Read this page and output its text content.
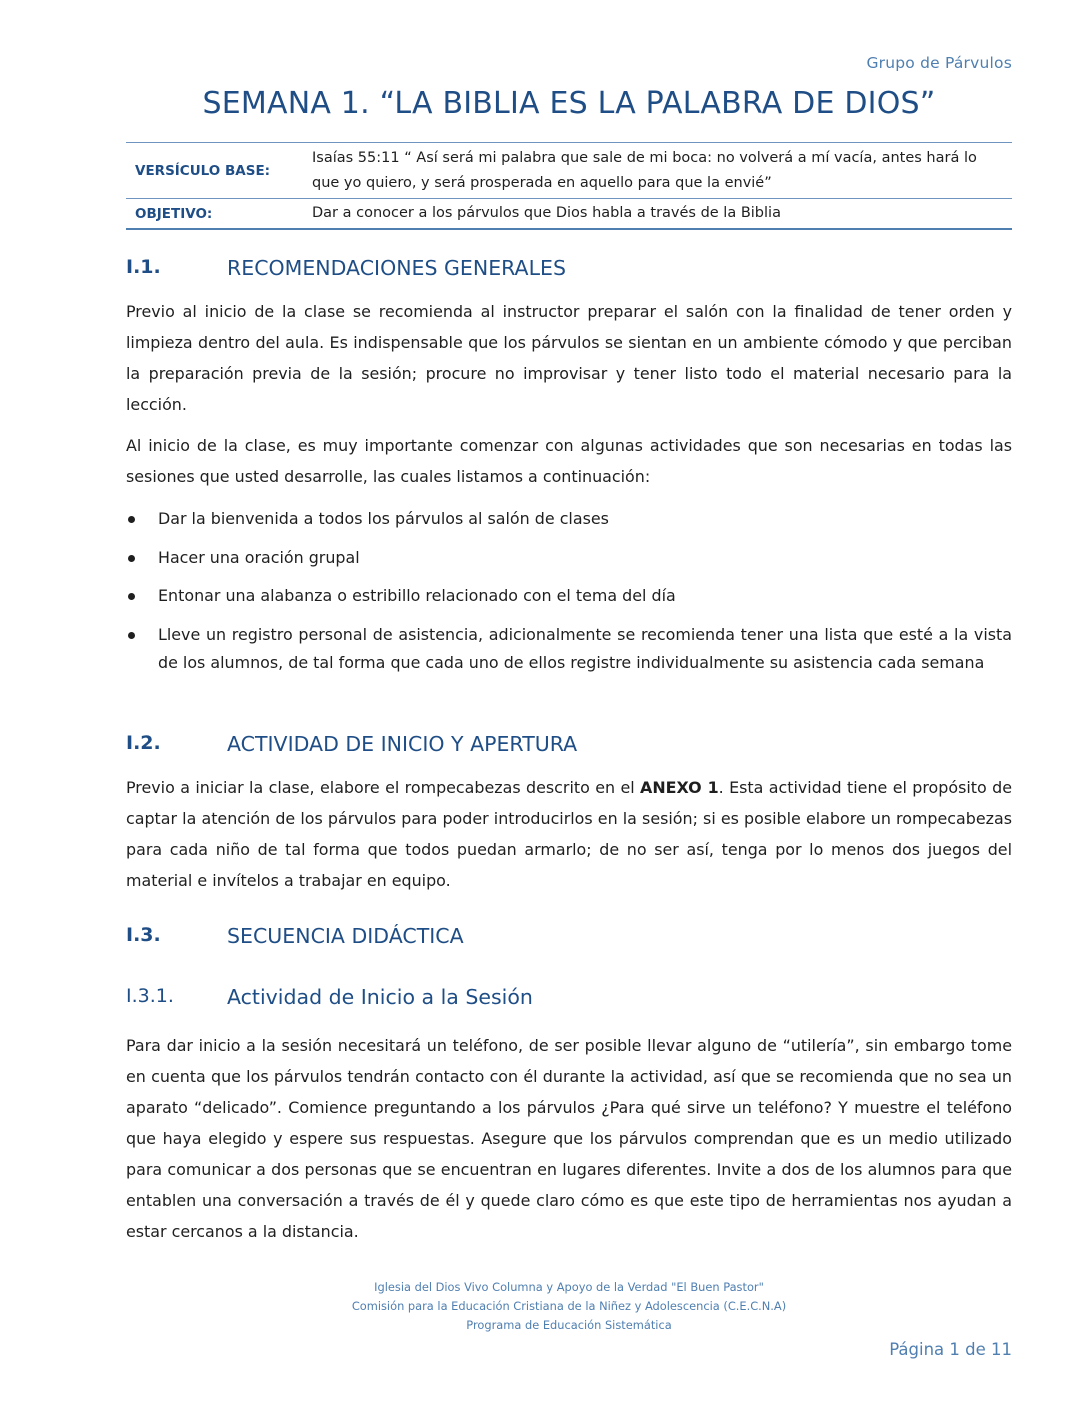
Grupo de Párvulos
SEMANA 1. “LA BIBLIA ES LA PALABRA DE DIOS”
VERSÍCULO BASE:
Isaías 55:11 “ Así será mi palabra que sale de mi boca: no volverá a mí vacía, antes hará lo que yo quiero, y será prosperada en aquello para que la envié”
OBJETIVO:	Dar a conocer a los párvulos que Dios habla a través de la Biblia
I.1.	RECOMENDACIONES GENERALES
Previo al inicio de la clase se recomienda al instructor preparar el salón con la finalidad de tener orden y limpieza dentro del aula. Es indispensable que los párvulos se sientan en un ambiente cómodo y que perciban la preparación previa de la sesión; procure no improvisar y tener listo todo el material necesario para la lección.
Al inicio de la clase, es muy importante comenzar con algunas actividades que son necesarias en todas las sesiones que usted desarrolle, las cuales listamos a continuación:
Dar la bienvenida a todos los párvulos al salón de clases
Hacer una oración grupal
Entonar una alabanza o estribillo relacionado con el tema del día
Lleve un registro personal de asistencia, adicionalmente se recomienda tener una lista que esté a la vista de los alumnos, de tal forma que cada uno de ellos registre individualmente su asistencia cada semana
I.2.	ACTIVIDAD DE INICIO Y APERTURA
Previo a iniciar la clase, elabore el rompecabezas descrito en el ANEXO 1. Esta actividad tiene el propósito de captar la atención de los párvulos para poder introducirlos en la sesión; si es posible elabore un rompecabezas para cada niño de tal forma que todos puedan armarlo; de no ser así, tenga por lo menos dos juegos del material e invítelos a trabajar en equipo.
I.3.	SECUENCIA DIDÁCTICA
I.3.1.	Actividad de Inicio a la Sesión
Para dar inicio a la sesión necesitará un teléfono, de ser posible llevar alguno de “utilería”, sin embargo tome en cuenta que los párvulos tendrán contacto con él durante la actividad, así que se recomienda que no sea un aparato “delicado”. Comience preguntando a los párvulos ¿Para qué sirve un teléfono? Y muestre el teléfono que haya elegido y espere sus respuestas. Asegure que los párvulos comprendan que es un medio utilizado para comunicar a dos personas que se encuentran en lugares diferentes. Invite a dos de los alumnos para que entablen una conversación a través de él y quede claro cómo es que este tipo de herramientas nos ayudan a estar cercanos a la distancia.
Iglesia del Dios Vivo Columna y Apoyo de la Verdad "El Buen Pastor"
Comisión para la Educación Cristiana de la Niñez y Adolescencia (C.E.C.N.A)
Programa de Educación Sistemática
Página 1 de 11
